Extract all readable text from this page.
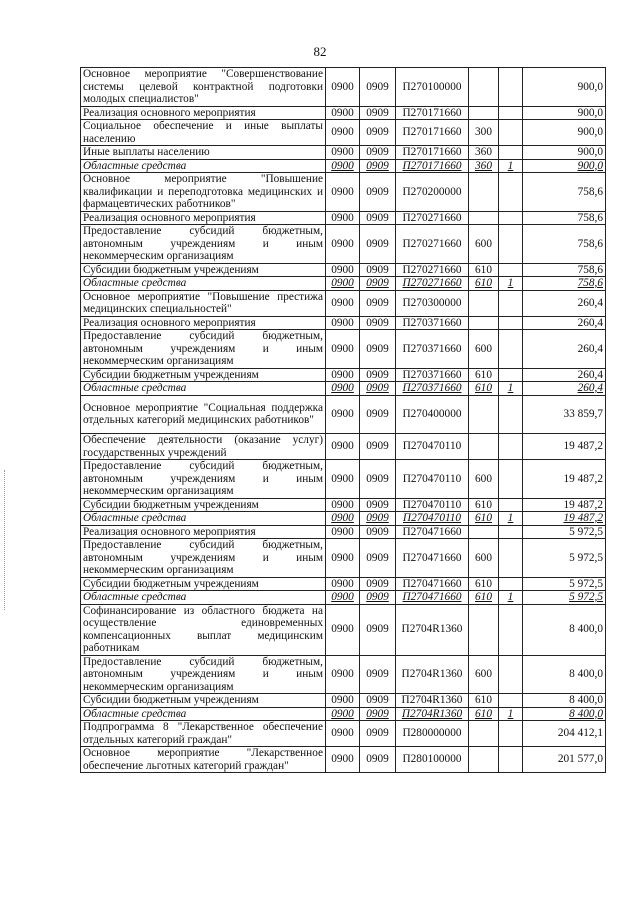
82
Основное мероприятие "Совершенствование системы целевой контрактной подготовки молодых специалистов"	0900	0909	П270100000			900,0
Реализация основного мероприятия	0900	0909	П270171660			900,0
Социальное обеспечение и иные выплаты населению	0900	0909	П270171660	300		900,0
Иные выплаты населению	0900	0909	П270171660	360		900,0
Областные средства	0900	0909	П270171660	360	1	900,0
Основное мероприятие "Повышение квалификации и переподготовка медицинских и фармацевтических работников"	0900	0909	П270200000			758,6
Реализация основного мероприятия	0900	0909	П270271660			758,6
Предоставление субсидий бюджетным, автономным учреждениям и иным некоммерческим организациям	0900	0909	П270271660	600		758,6
Субсидии бюджетным учреждениям	0900	0909	П270271660	610		758,6
Областные средства	0900	0909	П270271660	610	1	758,6
Основное мероприятие "Повышение престижа медицинских специальностей"	0900	0909	П270300000			260,4
Реализация основного мероприятия	0900	0909	П270371660			260,4
Предоставление субсидий бюджетным, автономным учреждениям и иным некоммерческим организациям	0900	0909	П270371660	600		260,4
Субсидии бюджетным учреждениям	0900	0909	П270371660	610		260,4
Областные средства	0900	0909	П270371660	610	1	260,4
Основное мероприятие "Социальная поддержка отдельных категорий медицинских работников"	0900	0909	П270400000			33 859,7
Обеспечение деятельности (оказание услуг) государственных учреждений	0900	0909	П270470110			19 487,2
Предоставление субсидий бюджетным, автономным учреждениям и иным некоммерческим организациям	0900	0909	П270470110	600		19 487,2
Субсидии бюджетным учреждениям	0900	0909	П270470110	610		19 487,2
Областные средства	0900	0909	П270470110	610	1	19 487,2
Реализация основного мероприятия	0900	0909	П270471660			5 972,5
Предоставление субсидий бюджетным, автономным учреждениям и иным некоммерческим организациям	0900	0909	П270471660	600		5 972,5
Субсидии бюджетным учреждениям	0900	0909	П270471660	610		5 972,5
Областные средства	0900	0909	П270471660	610	1	5 972,5
Софинансирование из областного бюджета на осуществление единовременных компенсационных выплат медицинским работникам	0900	0909	П2704R1360			8 400,0
Предоставление субсидий бюджетным, автономным учреждениям и иным некоммерческим организациям	0900	0909	П2704R1360	600		8 400,0
Субсидии бюджетным учреждениям	0900	0909	П2704R1360	610		8 400,0
Областные средства	0900	0909	П2704R1360	610	1	8 400,0
Подпрограмма 8 "Лекарственное обеспечение отдельных категорий граждан"	0900	0909	П280000000			204 412,1
Основное мероприятие "Лекарственное обеспечение льготных категорий граждан"	0900	0909	П280100000			201 577,0
